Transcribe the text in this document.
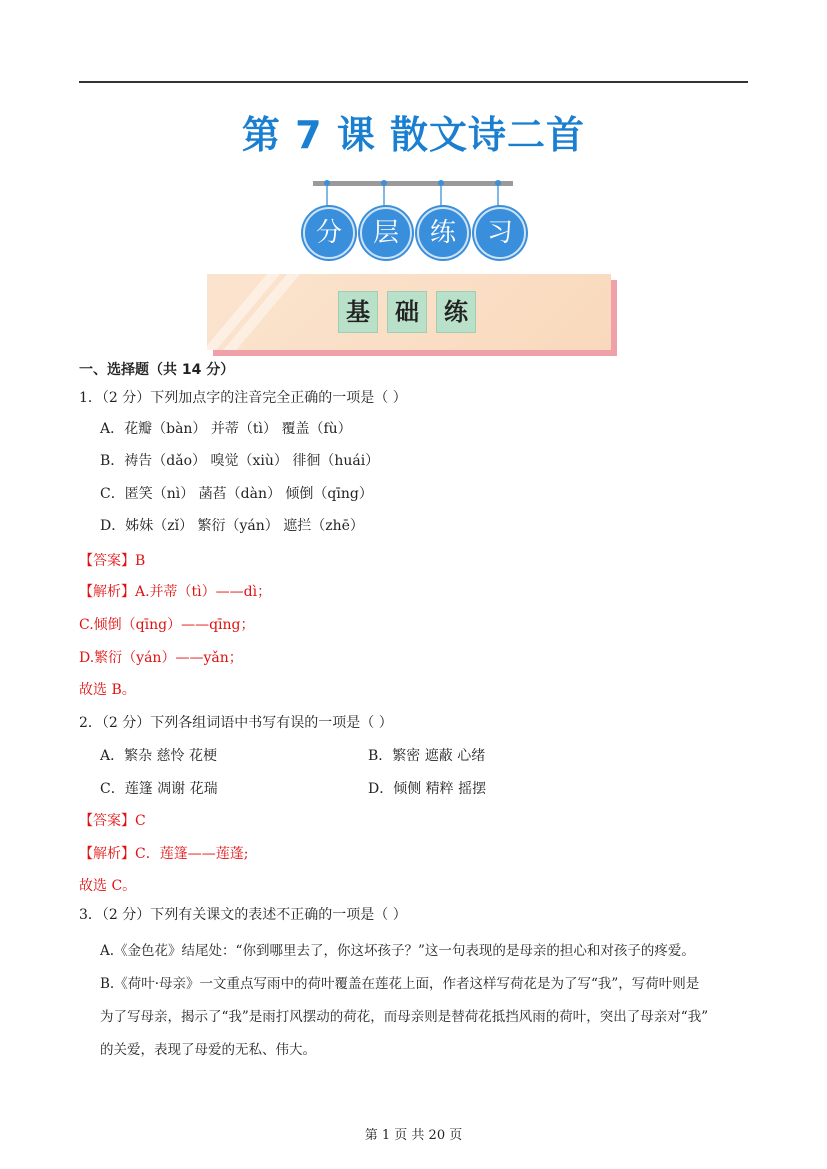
第 7 课 散文诗二首
分	层	练	习
基	础	练
一、选择题（共 14 分）
1．（2 分）下列加点字的注音完全正确的一项是（ ）
A．花瓣（bàn） 并蒂（tì） 覆盖（fù）
B．祷告（dǎo） 嗅觉（xiù） 徘徊（huái）
C．匿笑（nì） 菡萏（dàn） 倾倒（qīng）
D．姊妹（zǐ） 繁衍（yán） 遮拦（zhē）
【答案】B
【解析】A.并蒂（tì）——dì；
C.倾倒（qīng）——qīng；
D.繁衍（yán）——yǎn；
故选 B。
2．（2 分）下列各组词语中书写有误的一项是（ ）
A．繁杂 慈怜 花梗	B．繁密 遮蔽 心绪
C．莲篷 凋谢 花瑞	D．倾侧 精粹 摇摆
【答案】C
【解析】C．莲篷——莲蓬;
故选 C。
3．（2 分）下列有关课文的表述不正确的一项是（ ）
A.《金色花》结尾处：“你到哪里去了，你这坏孩子？”这一句表现的是母亲的担心和对孩子的疼爱。
B.《荷叶·母亲》一文重点写雨中的荷叶覆盖在莲花上面，作者这样写荷花是为了写“我”，写荷叶则是
为了写母亲，揭示了“我”是雨打风摆动的荷花，而母亲则是替荷花抵挡风雨的荷叶，突出了母亲对“我”
的关爱，表现了母爱的无私、伟大。
第 1 页 共 20 页
